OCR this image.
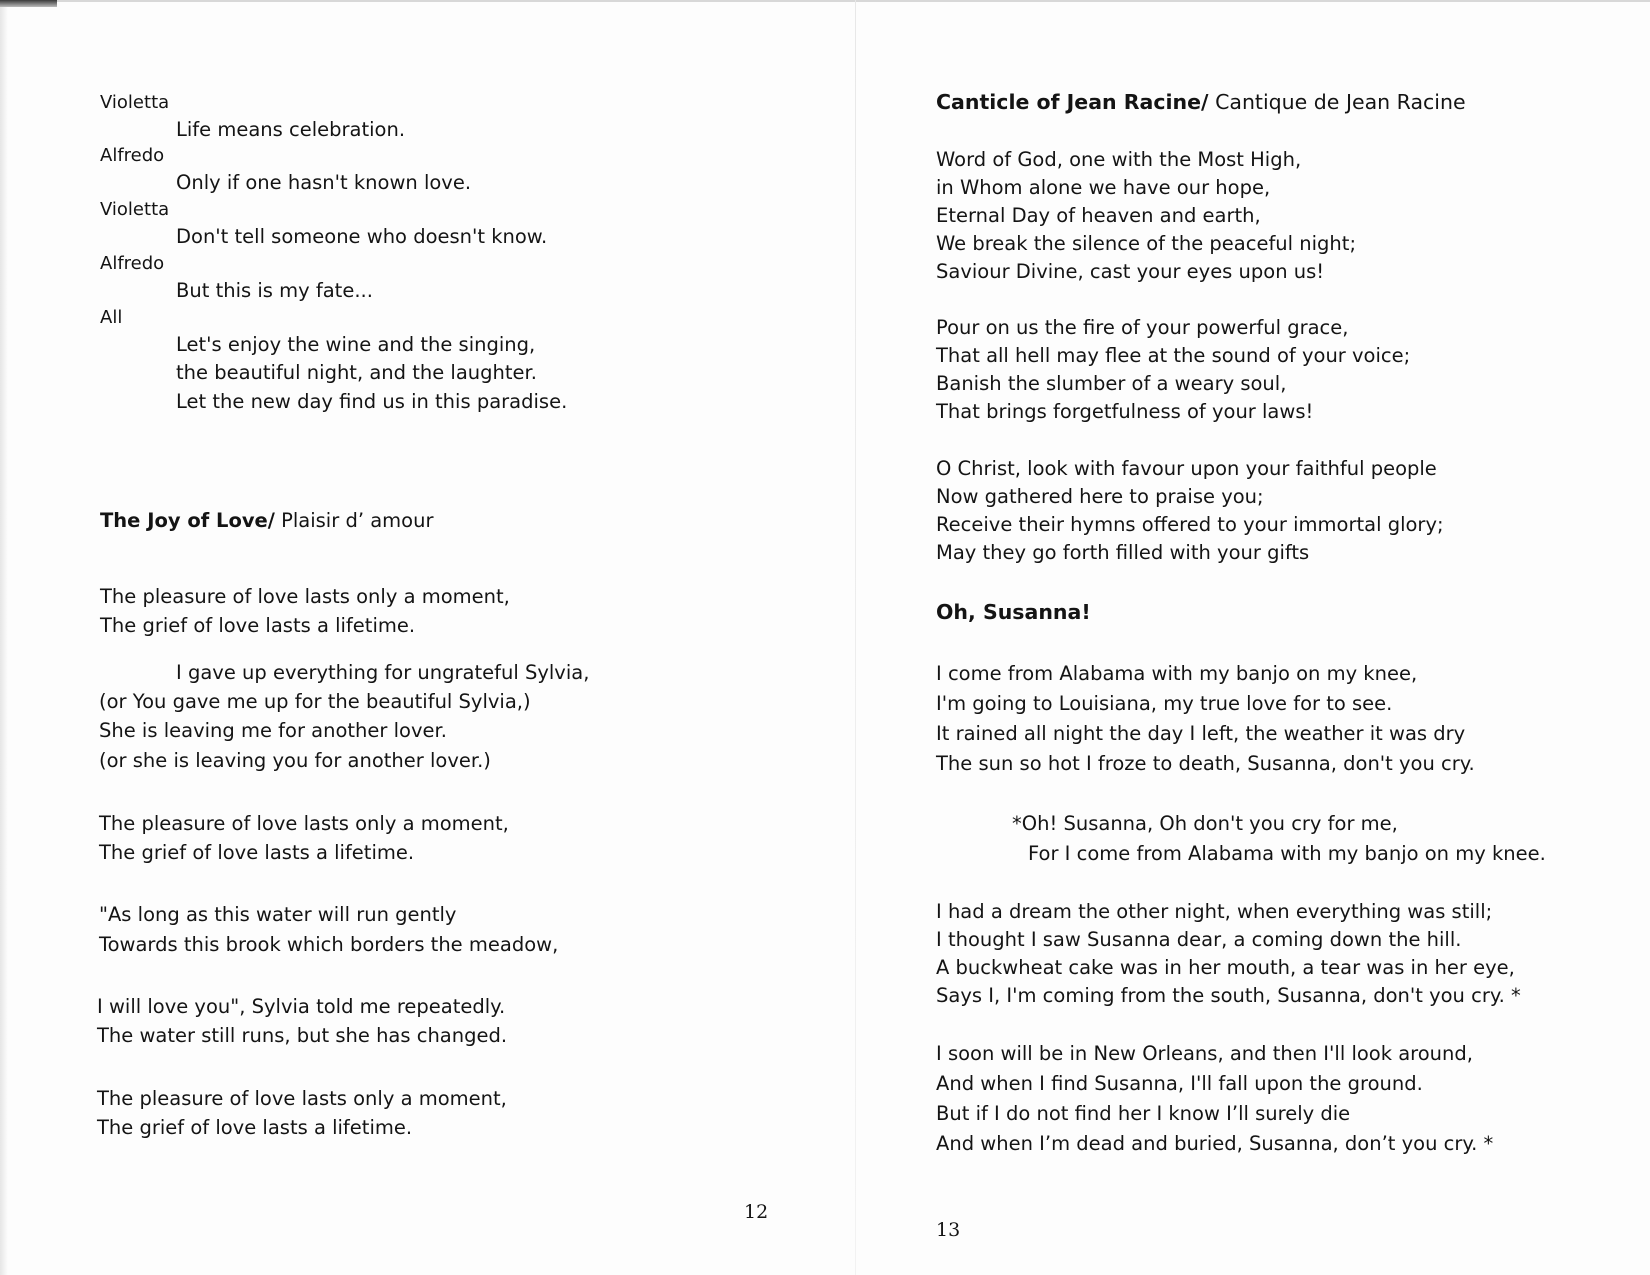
Violetta
Life means celebration.
Alfredo
Only if one hasn't known love.
Violetta
Don't tell someone who doesn't know.
Alfredo
But this is my fate...
All
Let's enjoy the wine and the singing,
the beautiful night, and the laughter.
Let the new day find us in this paradise.
The Joy of Love/ Plaisir d’ amour
The pleasure of love lasts only a moment,
The grief of love lasts a lifetime.
I gave up everything for ungrateful Sylvia,
(or You gave me up for the beautiful Sylvia,)
She is leaving me for another lover.
(or she is leaving you for another lover.)
The pleasure of love lasts only a moment,
The grief of love lasts a lifetime.
"As long as this water will run gently
Towards this brook which borders the meadow,
I will love you", Sylvia told me repeatedly.
The water still runs, but she has changed.
The pleasure of love lasts only a moment,
The grief of love lasts a lifetime.
12
Canticle of Jean Racine/ Cantique de Jean Racine
Word of God, one with the Most High,
in Whom alone we have our hope,
Eternal Day of heaven and earth,
We break the silence of the peaceful night;
Saviour Divine, cast your eyes upon us!
Pour on us the fire of your powerful grace,
That all hell may flee at the sound of your voice;
Banish the slumber of a weary soul,
That brings forgetfulness of your laws!
O Christ, look with favour upon your faithful people
Now gathered here to praise you;
Receive their hymns offered to your immortal glory;
May they go forth filled with your gifts
Oh, Susanna!
I come from Alabama with my banjo on my knee,
I'm going to Louisiana, my true love for to see.
It rained all night the day I left, the weather it was dry
The sun so hot I froze to death, Susanna, don't you cry.
*Oh! Susanna, Oh don't you cry for me,
For I come from Alabama with my banjo on my knee.
I had a dream the other night, when everything was still;
I thought I saw Susanna dear, a coming down the hill.
A buckwheat cake was in her mouth, a tear was in her eye,
Says I, I'm coming from the south, Susanna, don't you cry. *
I soon will be in New Orleans, and then I'll look around,
And when I find Susanna, I'll fall upon the ground.
But if I do not find her I know I’ll surely die
And when I’m dead and buried, Susanna, don’t you cry. *
13
